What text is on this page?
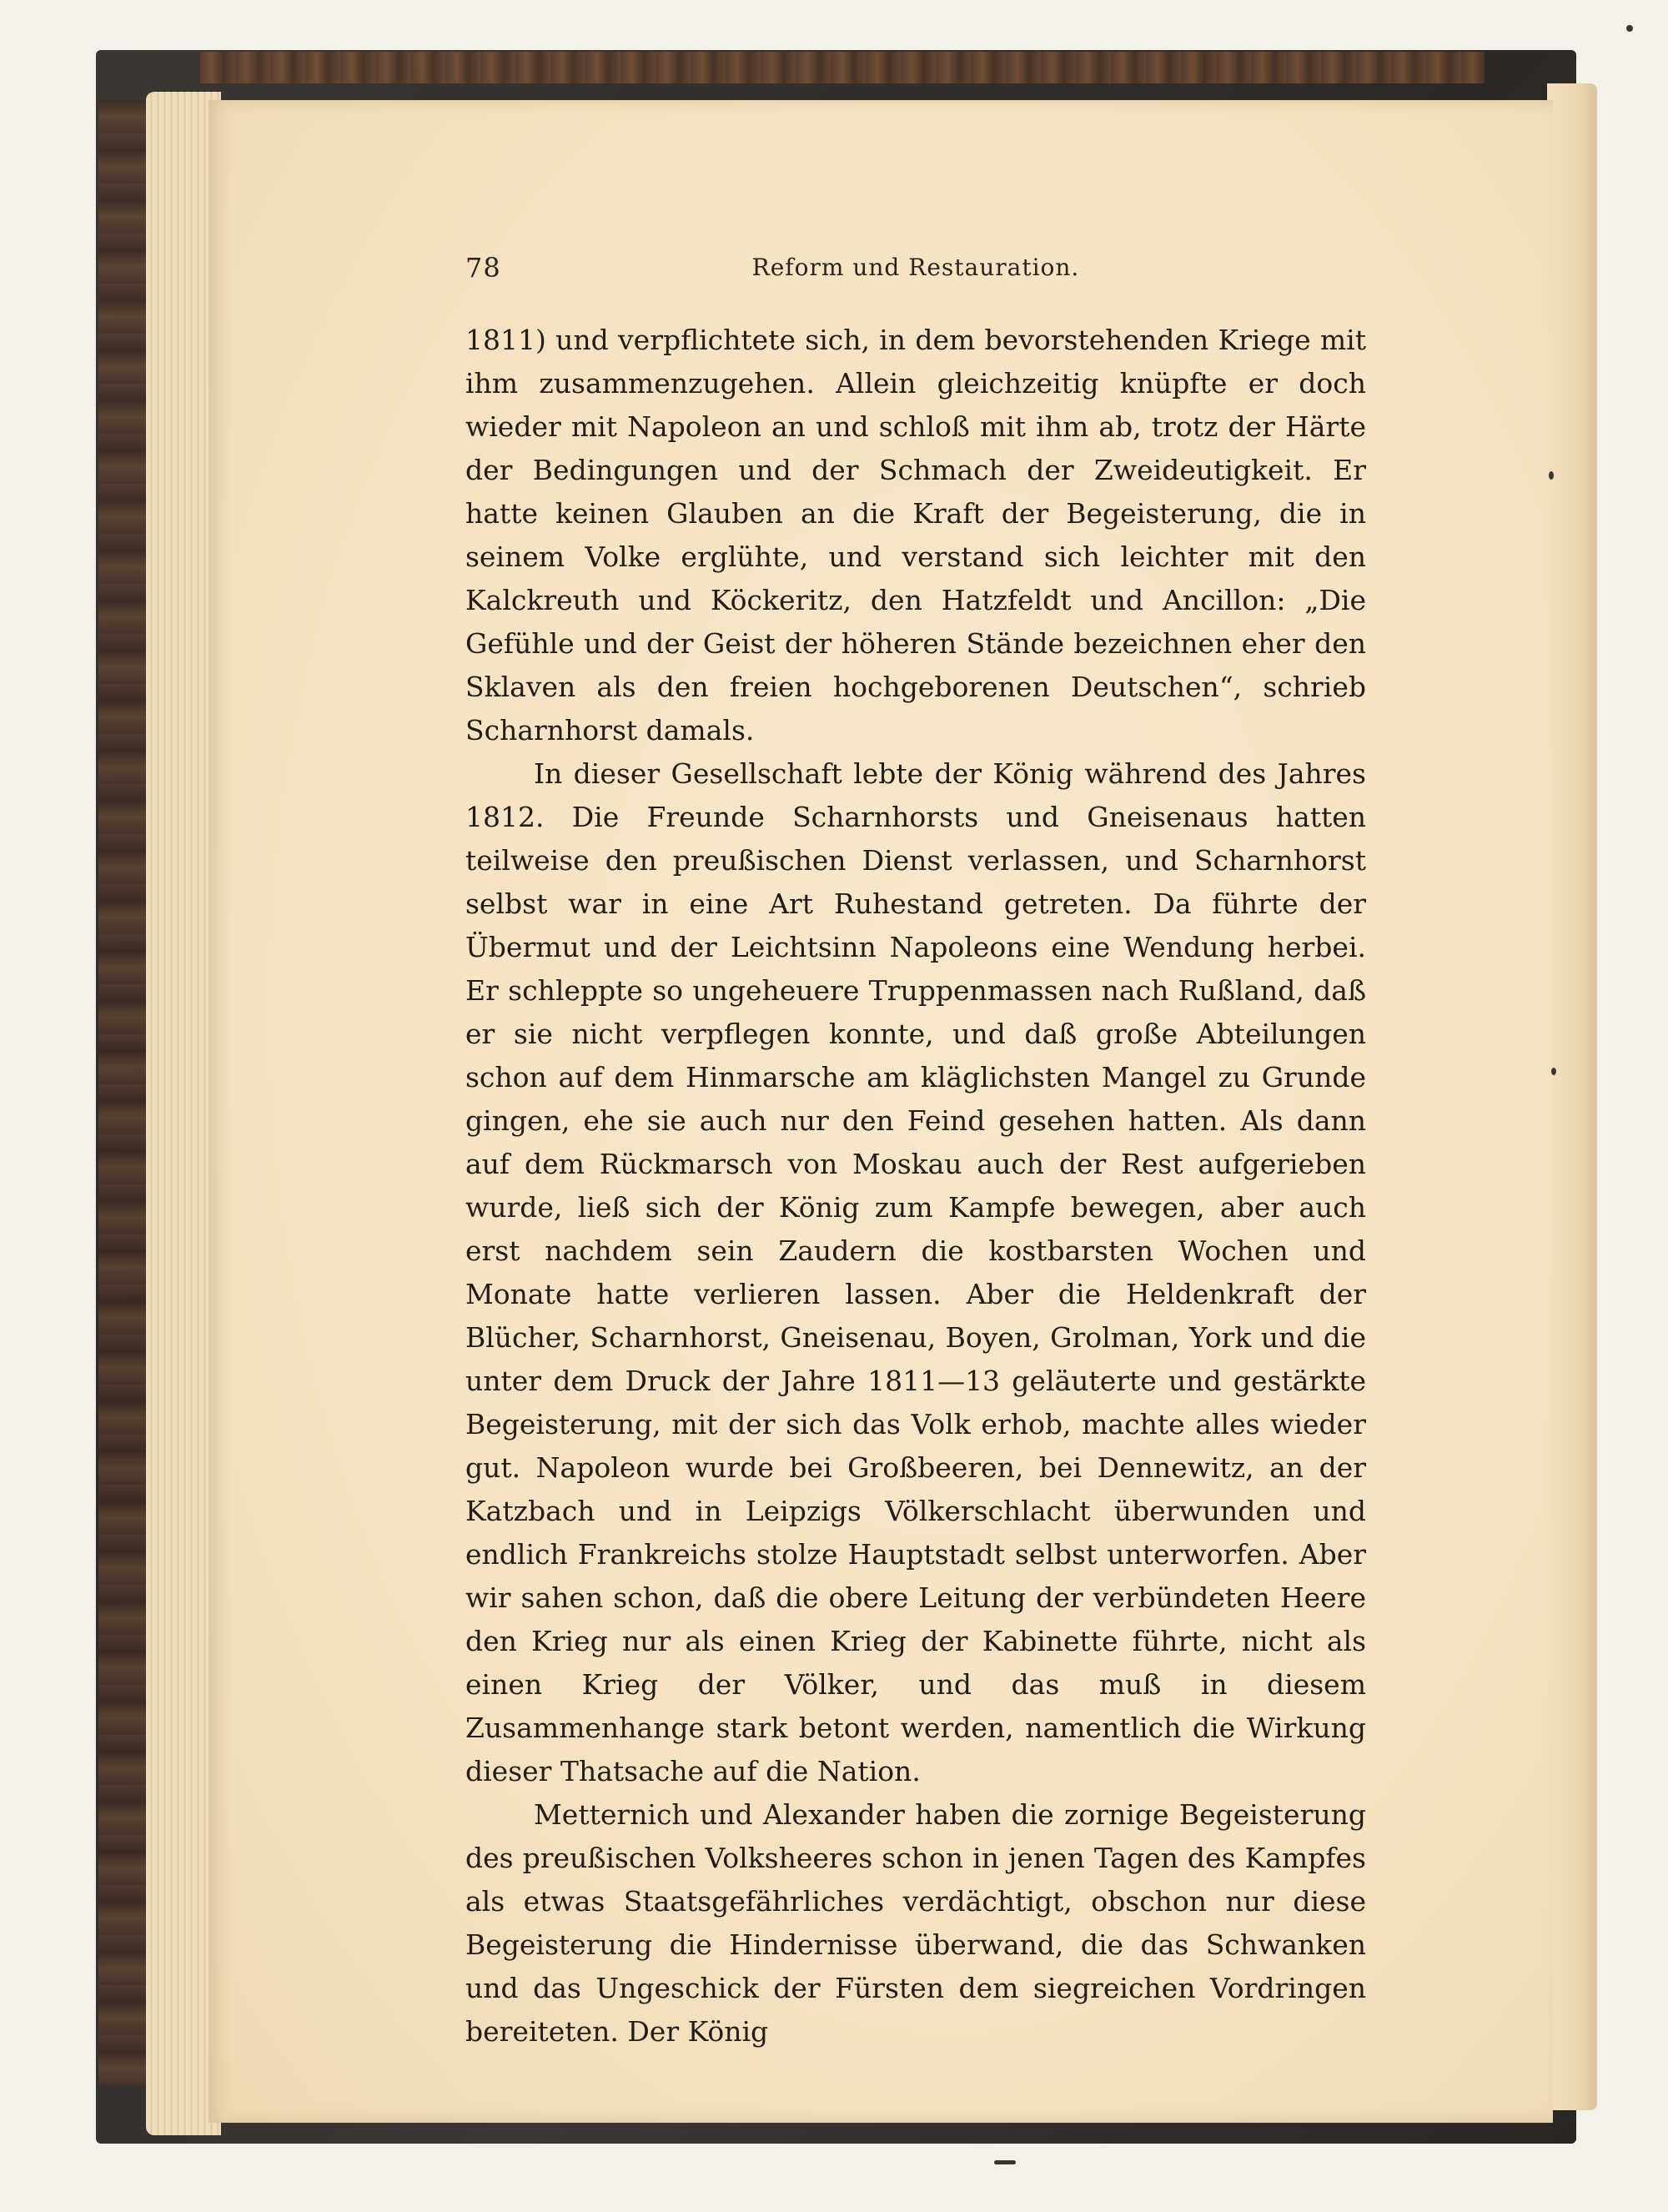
78	Reform und Restauration.

1811) und verpflichtete sich, in dem bevorstehenden Kriege mit ihm zusammenzugehen. Allein gleichzeitig knüpfte er doch wieder mit Napoleon an und schloß mit ihm ab, trotz der Härte der Bedingungen und der Schmach der Zweideutigkeit. Er hatte keinen Glauben an die Kraft der Begeisterung, die in seinem Volke erglühte, und verstand sich leichter mit den Kalckreuth und Köckeritz, den Hatzfeldt und Ancillon: „Die Gefühle und der Geist der höheren Stände bezeichnen eher den Sklaven als den freien hochgeborenen Deutschen“, schrieb Scharnhorst damals.

In dieser Gesellschaft lebte der König während des Jahres 1812. Die Freunde Scharnhorsts und Gneisenaus hatten teilweise den preußischen Dienst verlassen, und Scharnhorst selbst war in eine Art Ruhestand getreten. Da führte der Übermut und der Leichtsinn Napoleons eine Wendung herbei. Er schleppte so ungeheuere Truppenmassen nach Rußland, daß er sie nicht verpflegen konnte, und daß große Abteilungen schon auf dem Hinmarsche am kläglichsten Mangel zu Grunde gingen, ehe sie auch nur den Feind gesehen hatten. Als dann auf dem Rückmarsch von Moskau auch der Rest aufgerieben wurde, ließ sich der König zum Kampfe bewegen, aber auch erst nachdem sein Zaudern die kostbarsten Wochen und Monate hatte verlieren lassen. Aber die Heldenkraft der Blücher, Scharnhorst, Gneisenau, Boyen, Grolman, York und die unter dem Druck der Jahre 1811—13 geläuterte und gestärkte Begeisterung, mit der sich das Volk erhob, machte alles wieder gut. Napoleon wurde bei Großbeeren, bei Dennewitz, an der Katzbach und in Leipzigs Völkerschlacht überwunden und endlich Frankreichs stolze Hauptstadt selbst unterworfen. Aber wir sahen schon, daß die obere Leitung der verbündeten Heere den Krieg nur als einen Krieg der Kabinette führte, nicht als einen Krieg der Völker, und das muß in diesem Zusammenhange stark betont werden, namentlich die Wirkung dieser Thatsache auf die Nation.

Metternich und Alexander haben die zornige Begeisterung des preußischen Volksheeres schon in jenen Tagen des Kampfes als etwas Staatsgefährliches verdächtigt, obschon nur diese Begeisterung die Hindernisse überwand, die das Schwanken und das Ungeschick der Fürsten dem siegreichen Vordringen bereiteten. Der König
